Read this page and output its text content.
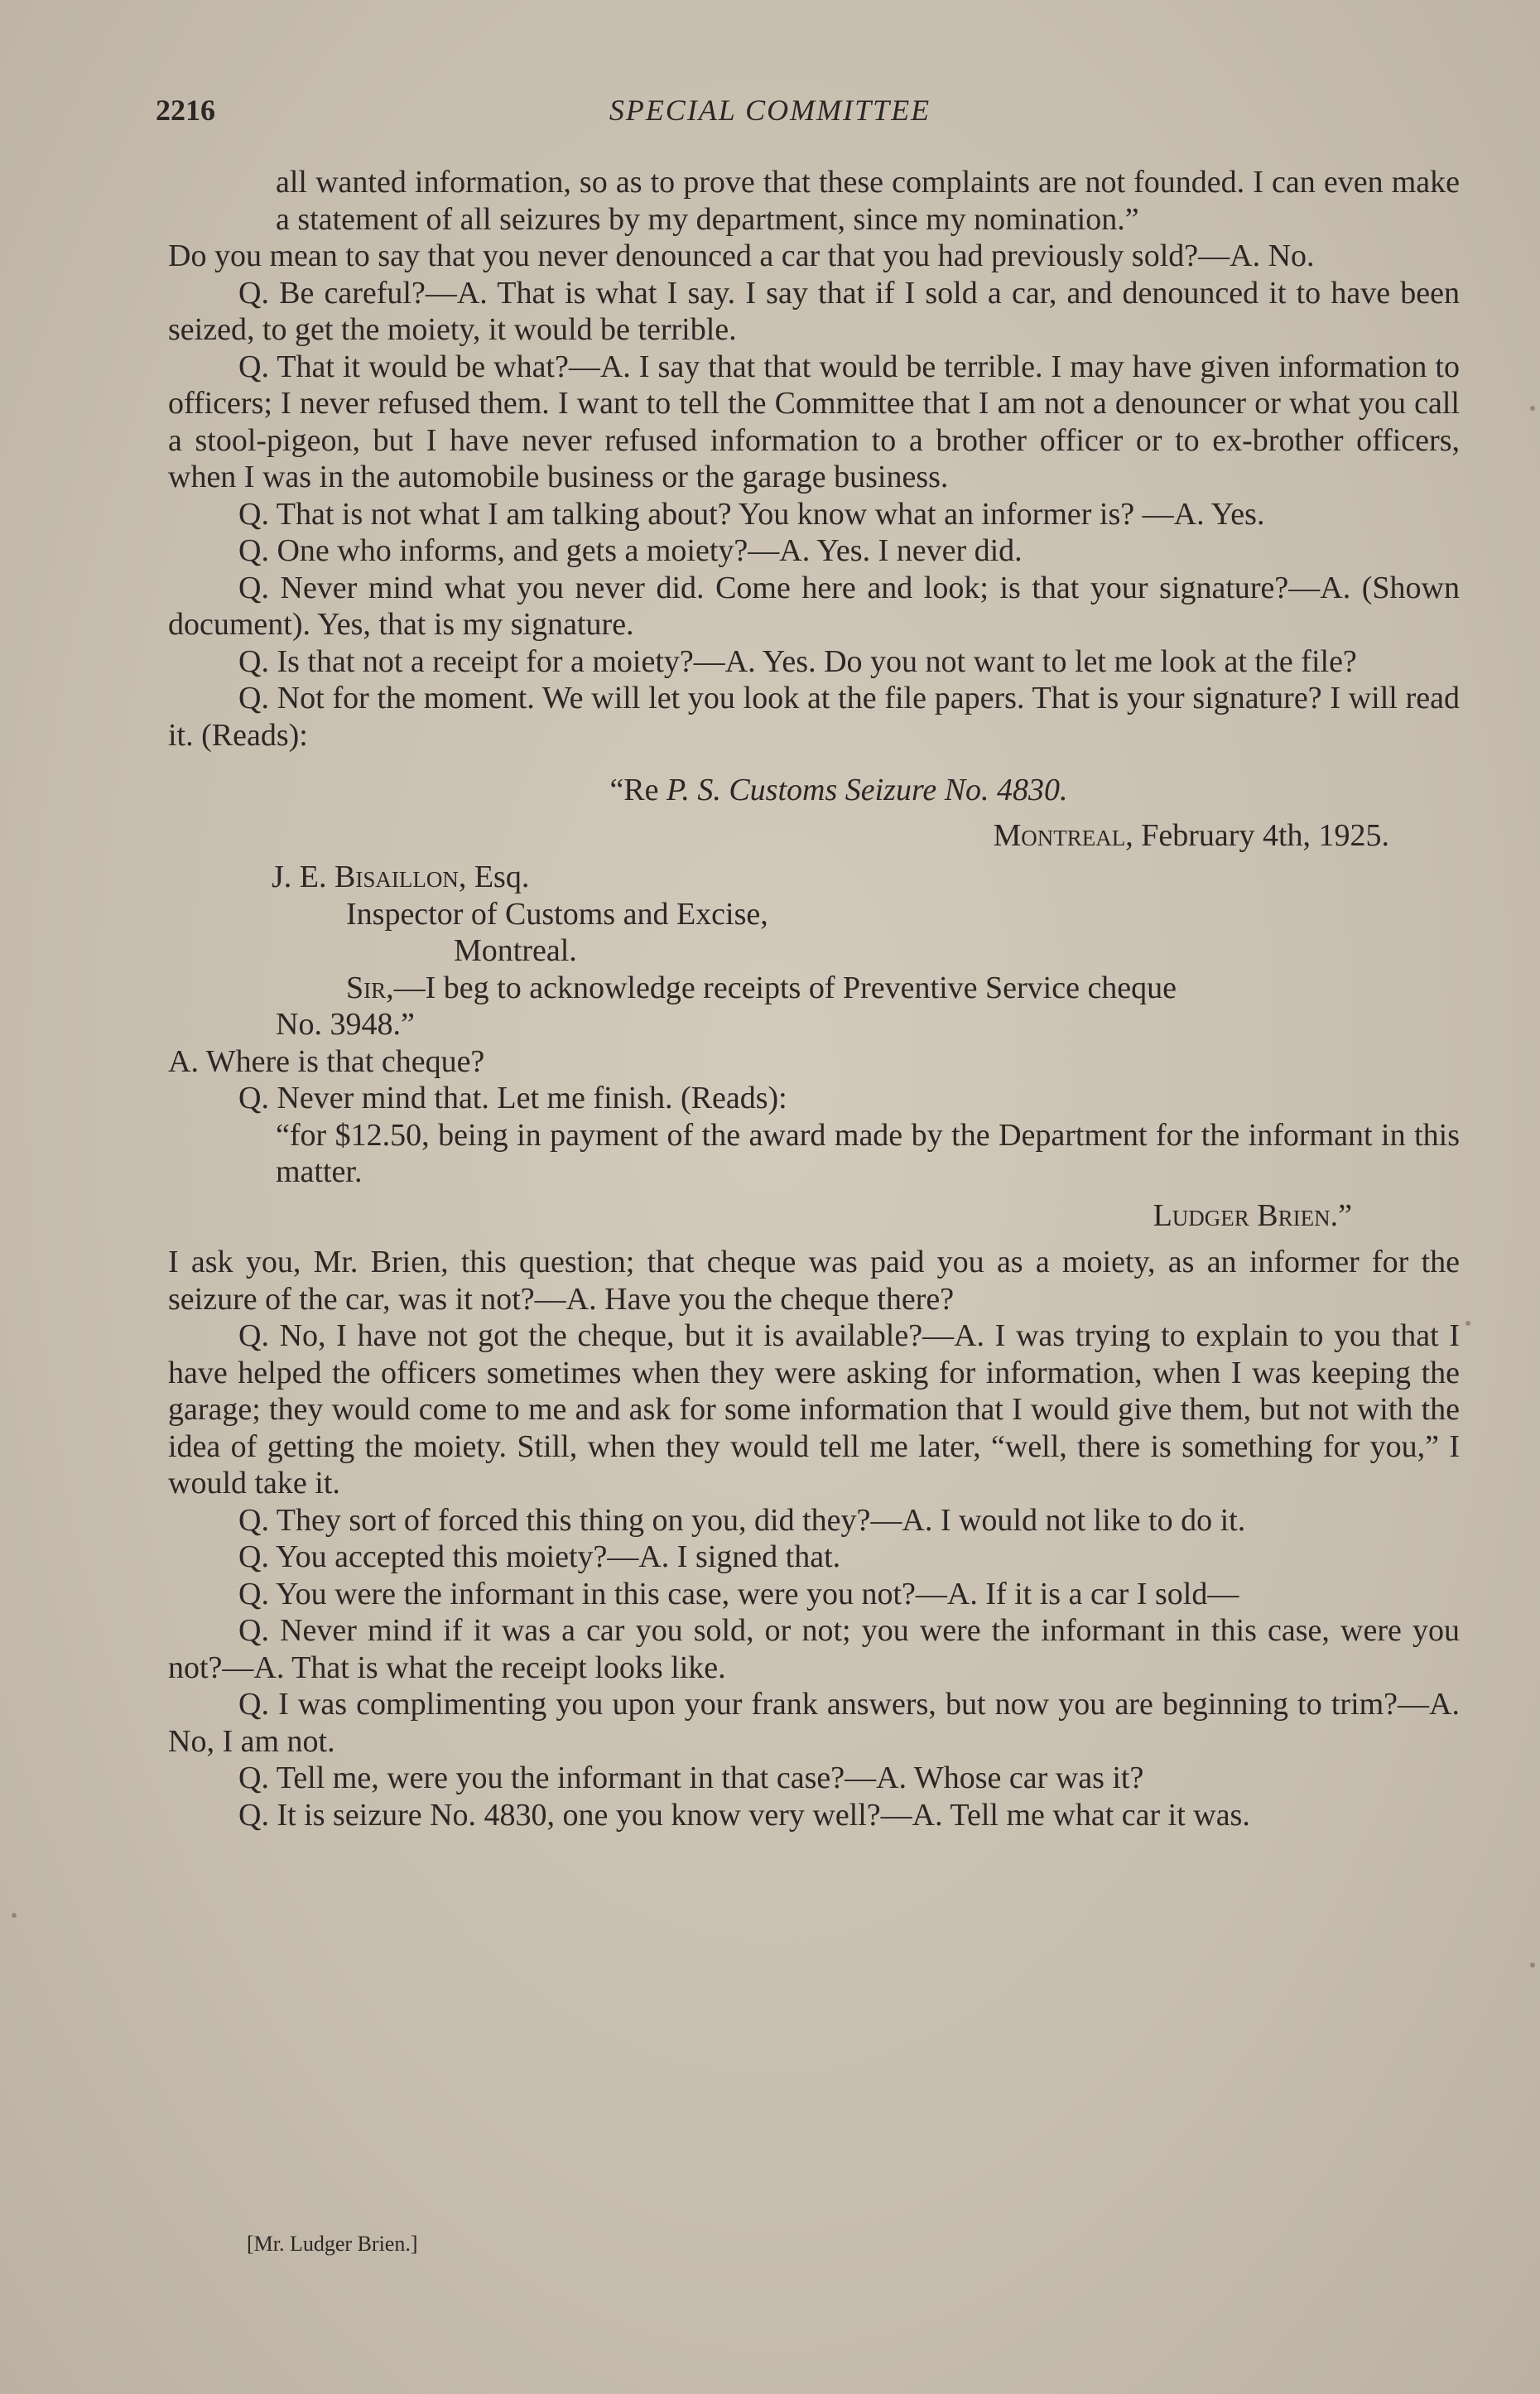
2216	SPECIAL COMMITTEE

all wanted information, so as to prove that these complaints are not founded. I can even make a statement of all seizures by my department, since my nomination.”

Do you mean to say that you never denounced a car that you had previously sold?—A. No.

Q. Be careful?—A. That is what I say. I say that if I sold a car, and denounced it to have been seized, to get the moiety, it would be terrible.

Q. That it would be what?—A. I say that that would be terrible. I may have given information to officers; I never refused them. I want to tell the Committee that I am not a denouncer or what you call a stool-pigeon, but I have never refused information to a brother officer or to ex-brother officers, when I was in the automobile business or the garage business.

Q. That is not what I am talking about? You know what an informer is? —A. Yes.

Q. One who informs, and gets a moiety?—A. Yes. I never did.

Q. Never mind what you never did. Come here and look; is that your signature?—A. (Shown document). Yes, that is my signature.

Q. Is that not a receipt for a moiety?—A. Yes. Do you not want to let me look at the file?

Q. Not for the moment. We will let you look at the file papers. That is your signature? I will read it. (Reads):

“Re P. S. Customs Seizure No. 4830.

Montreal, February 4th, 1925.

J. E. Bisaillon, Esq.

Inspector of Customs and Excise,

Montreal.

Sir,—I beg to acknowledge receipts of Preventive Service cheque

No. 3948.”

A. Where is that cheque?

Q. Never mind that. Let me finish. (Reads):

“for $12.50, being in payment of the award made by the Department for the informant in this matter.

Ludger Brien.”

I ask you, Mr. Brien, this question; that cheque was paid you as a moiety, as an informer for the seizure of the car, was it not?—A. Have you the cheque there?

Q. No, I have not got the cheque, but it is available?—A. I was trying to explain to you that I have helped the officers sometimes when they were asking for information, when I was keeping the garage; they would come to me and ask for some information that I would give them, but not with the idea of getting the moiety. Still, when they would tell me later, “well, there is something for you,” I would take it.

Q. They sort of forced this thing on you, did they?—A. I would not like to do it.

Q. You accepted this moiety?—A. I signed that.

Q. You were the informant in this case, were you not?—A. If it is a car I sold—

Q. Never mind if it was a car you sold, or not; you were the informant in this case, were you not?—A. That is what the receipt looks like.

Q. I was complimenting you upon your frank answers, but now you are beginning to trim?—A. No, I am not.

Q. Tell me, were you the informant in that case?—A. Whose car was it?

Q. It is seizure No. 4830, one you know very well?—A. Tell me what car it was.

[Mr. Ludger Brien.]
